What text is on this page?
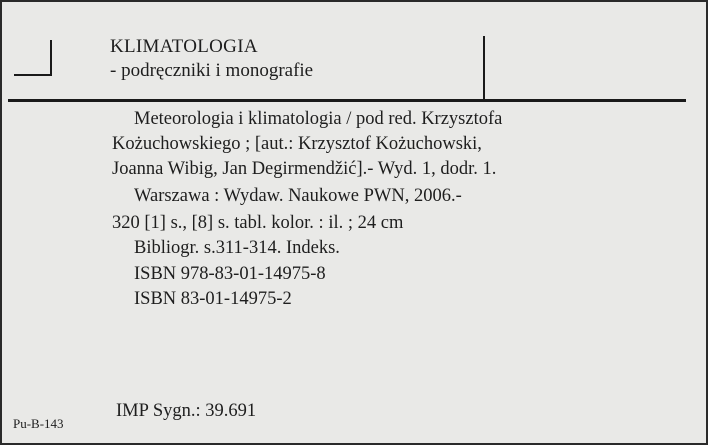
KLIMATOLOGIA
- podręczniki i monografie
Meteorologia i klimatologia / pod red. Krzysztofa
Kożuchowskiego ; [aut.: Krzysztof Kożuchowski,
Joanna Wibig, Jan Degirmendžić].- Wyd. 1, dodr. 1.
Warszawa : Wydaw. Naukowe PWN, 2006.-
320 [1] s., [8] s. tabl. kolor. : il. ; 24 cm
Bibliogr. s.311-314. Indeks.
ISBN 978-83-01-14975-8
ISBN 83-01-14975-2
IMP Sygn.: 39.691
Pu-B-143
